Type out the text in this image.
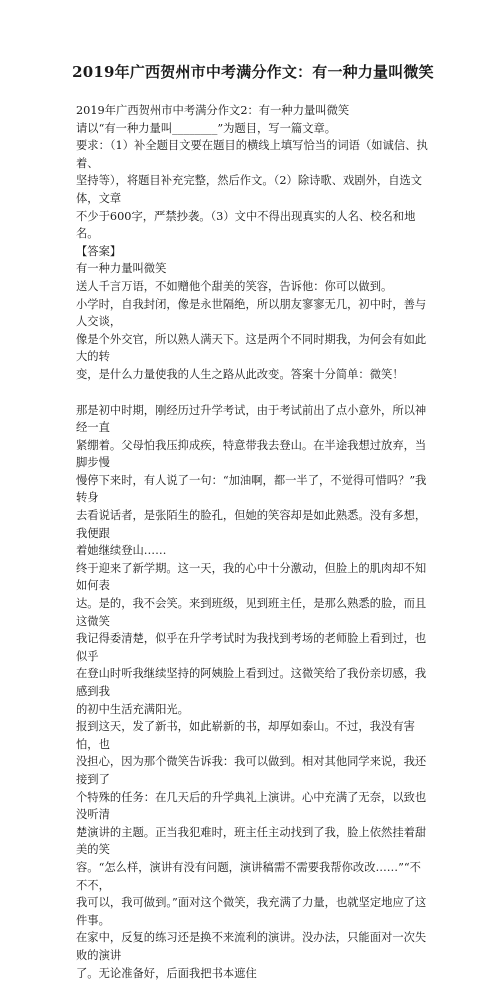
2019年广西贺州市中考满分作文：有一种力量叫微笑

2019年广西贺州市中考满分作文2：有一种力量叫微笑

请以“有一种力量叫________”为题目，写一篇文章。

要求：（1）补全题目文要在题目的横线上填写恰当的词语（如诚信、执着、

坚持等），将题目补充完整，然后作文。（2）除诗歌、戏剧外，自选文体，文章

不少于600字，严禁抄袭。（3）文中不得出现真实的人名、校名和地名。

【答案】

有一种力量叫微笑

送人千言万语，不如赠他个甜美的笑容，告诉他：你可以做到。

小学时，自我封闭，像是永世隔绝，所以朋友寥寥无几，初中时，善与人交谈，

像是个外交官，所以熟人满天下。这是两个不同时期我，为何会有如此大的转

变，是什么力量使我的人生之路从此改变。答案十分简单：微笑！

那是初中时期，刚经历过升学考试，由于考试前出了点小意外，所以神经一直

紧绷着。父母怕我压抑成疾，特意带我去登山。在半途我想过放弃，当脚步慢

慢停下来时，有人说了一句：“加油啊，都一半了，不觉得可惜吗？”我转身

去看说话者，是张陌生的脸孔，但她的笑容却是如此熟悉。没有多想，我便跟

着她继续登山……

终于迎来了新学期。这一天，我的心中十分激动，但脸上的肌肉却不知如何表

达。是的，我不会笑。来到班级，见到班主任，是那么熟悉的脸，而且这微笑

我记得委清楚，似乎在升学考试时为我找到考场的老师脸上看到过，也似乎

在登山时听我继续坚持的阿姨脸上看到过。这微笑给了我份亲切感，我感到我

的初中生活充满阳光。

报到这天，发了新书，如此崭新的书，却厚如泰山。不过，我没有害怕，也

没担心，因为那个微笑告诉我：我可以做到。相对其他同学来说，我还接到了

个特殊的任务：在几天后的升学典礼上演讲。心中充满了无奈，以致也没听清

楚演讲的主题。正当我犯难时，班主任主动找到了我，脸上依然挂着甜美的笑

容。“怎么样，演讲有没有问题，演讲稿需不需要我帮你改改……”“不不不，

我可以，我可做到。”面对这个微笑，我充满了力量，也就坚定地应了这件事。

在家中，反复的练习还是换不来流利的演讲。没办法，只能面对一次失败的演讲

了。无论准备好，后面我把书本遮住
